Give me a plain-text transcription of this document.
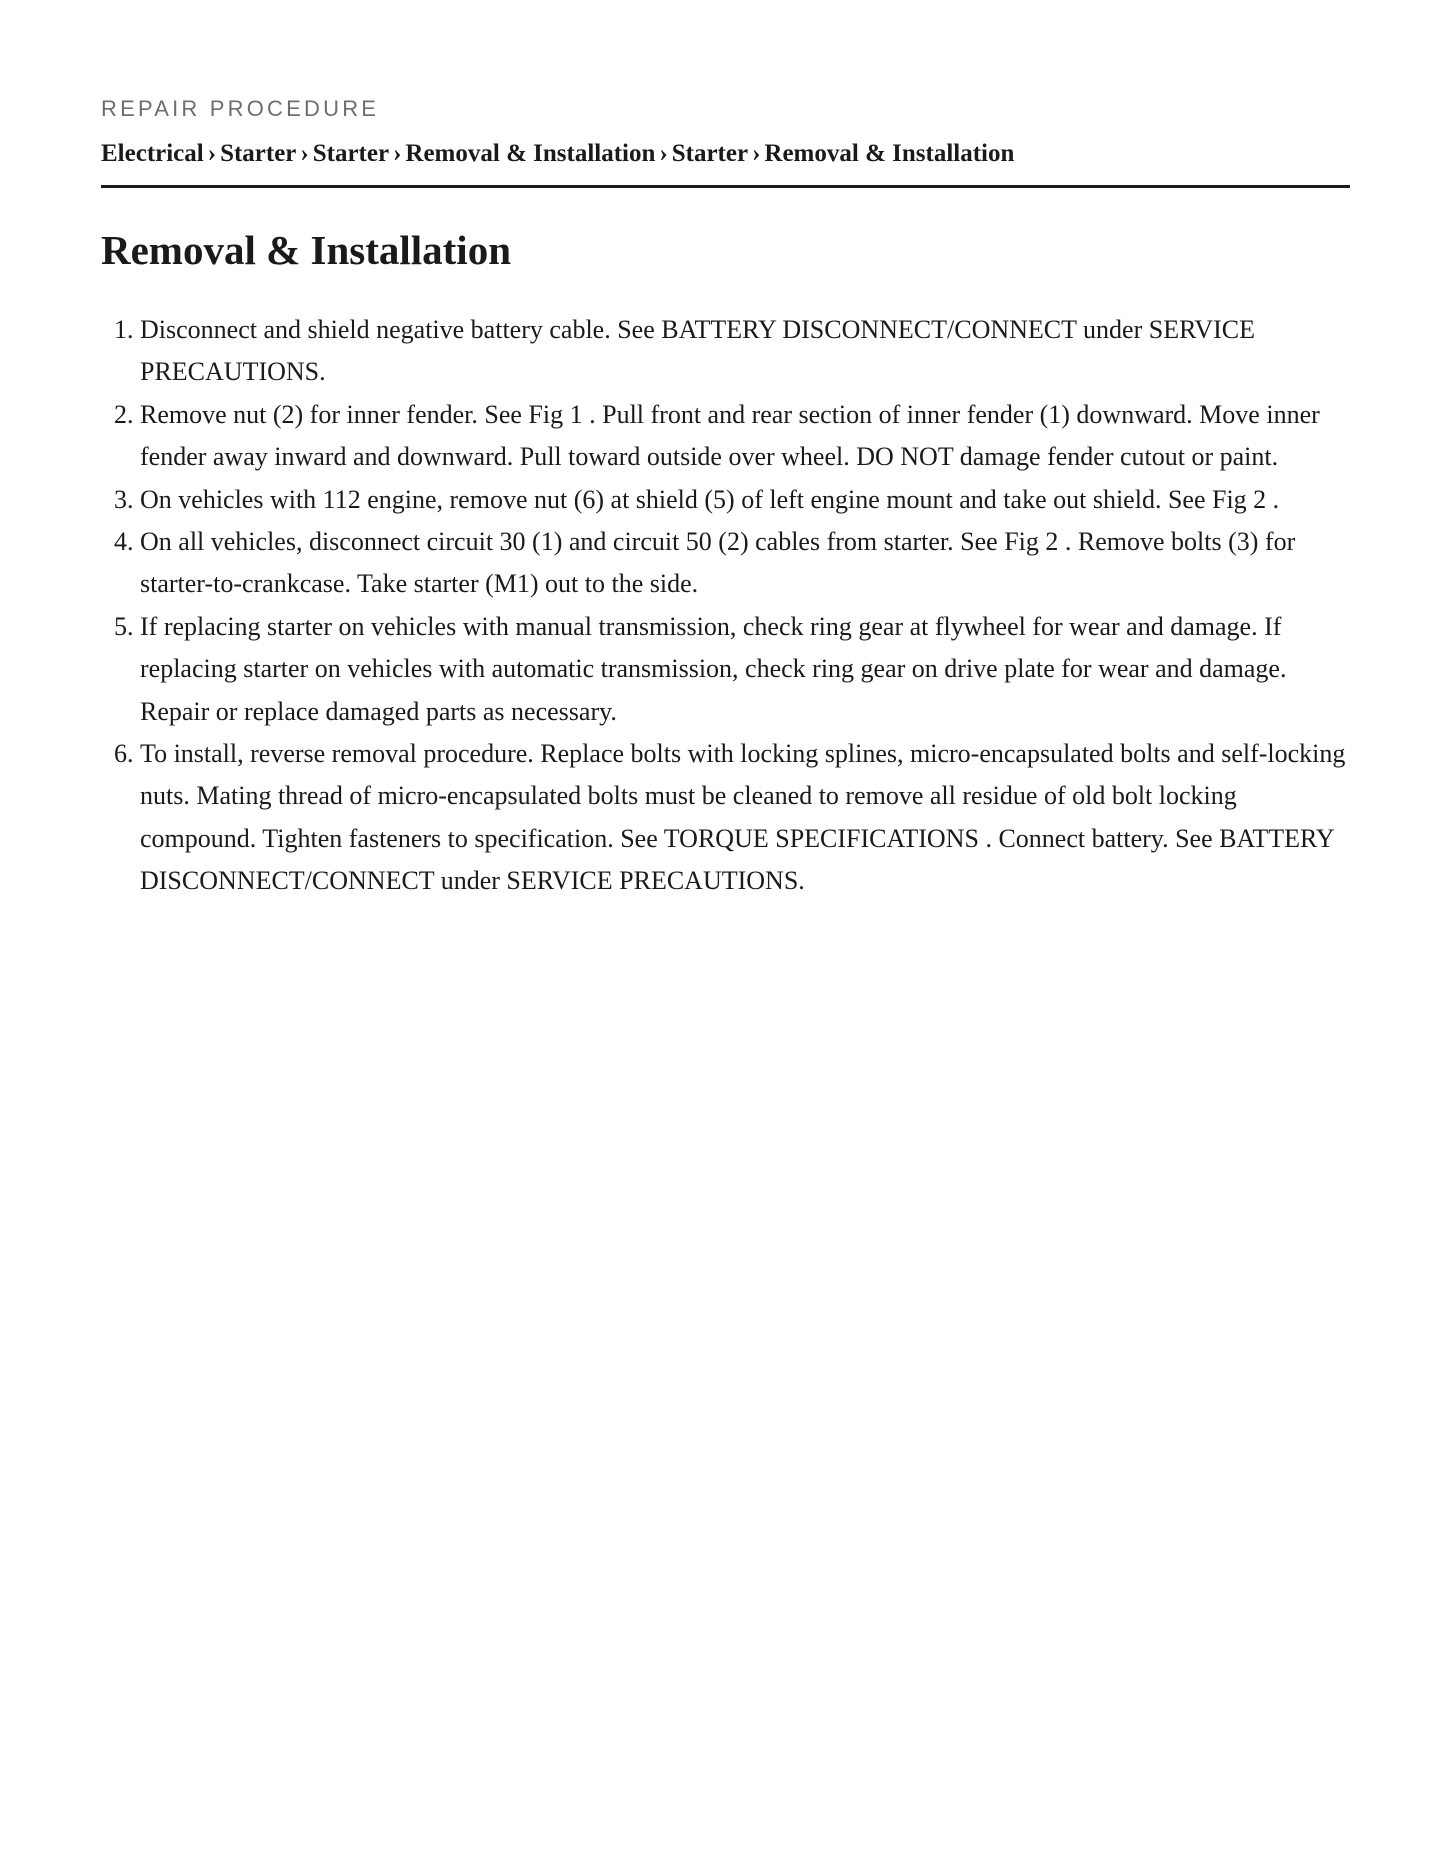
REPAIR PROCEDURE
Electrical › Starter › Starter › Removal & Installation › Starter › Removal & Installation
Removal & Installation
1. Disconnect and shield negative battery cable. See BATTERY DISCONNECT/CONNECT under SERVICE PRECAUTIONS.
2. Remove nut (2) for inner fender. See Fig 1 . Pull front and rear section of inner fender (1) downward. Move inner fender away inward and downward. Pull toward outside over wheel. DO NOT damage fender cutout or paint.
3. On vehicles with 112 engine, remove nut (6) at shield (5) of left engine mount and take out shield. See Fig 2 .
4. On all vehicles, disconnect circuit 30 (1) and circuit 50 (2) cables from starter. See Fig 2 . Remove bolts (3) for starter-to-crankcase. Take starter (M1) out to the side.
5. If replacing starter on vehicles with manual transmission, check ring gear at flywheel for wear and damage. If replacing starter on vehicles with automatic transmission, check ring gear on drive plate for wear and damage. Repair or replace damaged parts as necessary.
6. To install, reverse removal procedure. Replace bolts with locking splines, micro-encapsulated bolts and self-locking nuts. Mating thread of micro-encapsulated bolts must be cleaned to remove all residue of old bolt locking compound. Tighten fasteners to specification. See TORQUE SPECIFICATIONS . Connect battery. See BATTERY DISCONNECT/CONNECT under SERVICE PRECAUTIONS.
